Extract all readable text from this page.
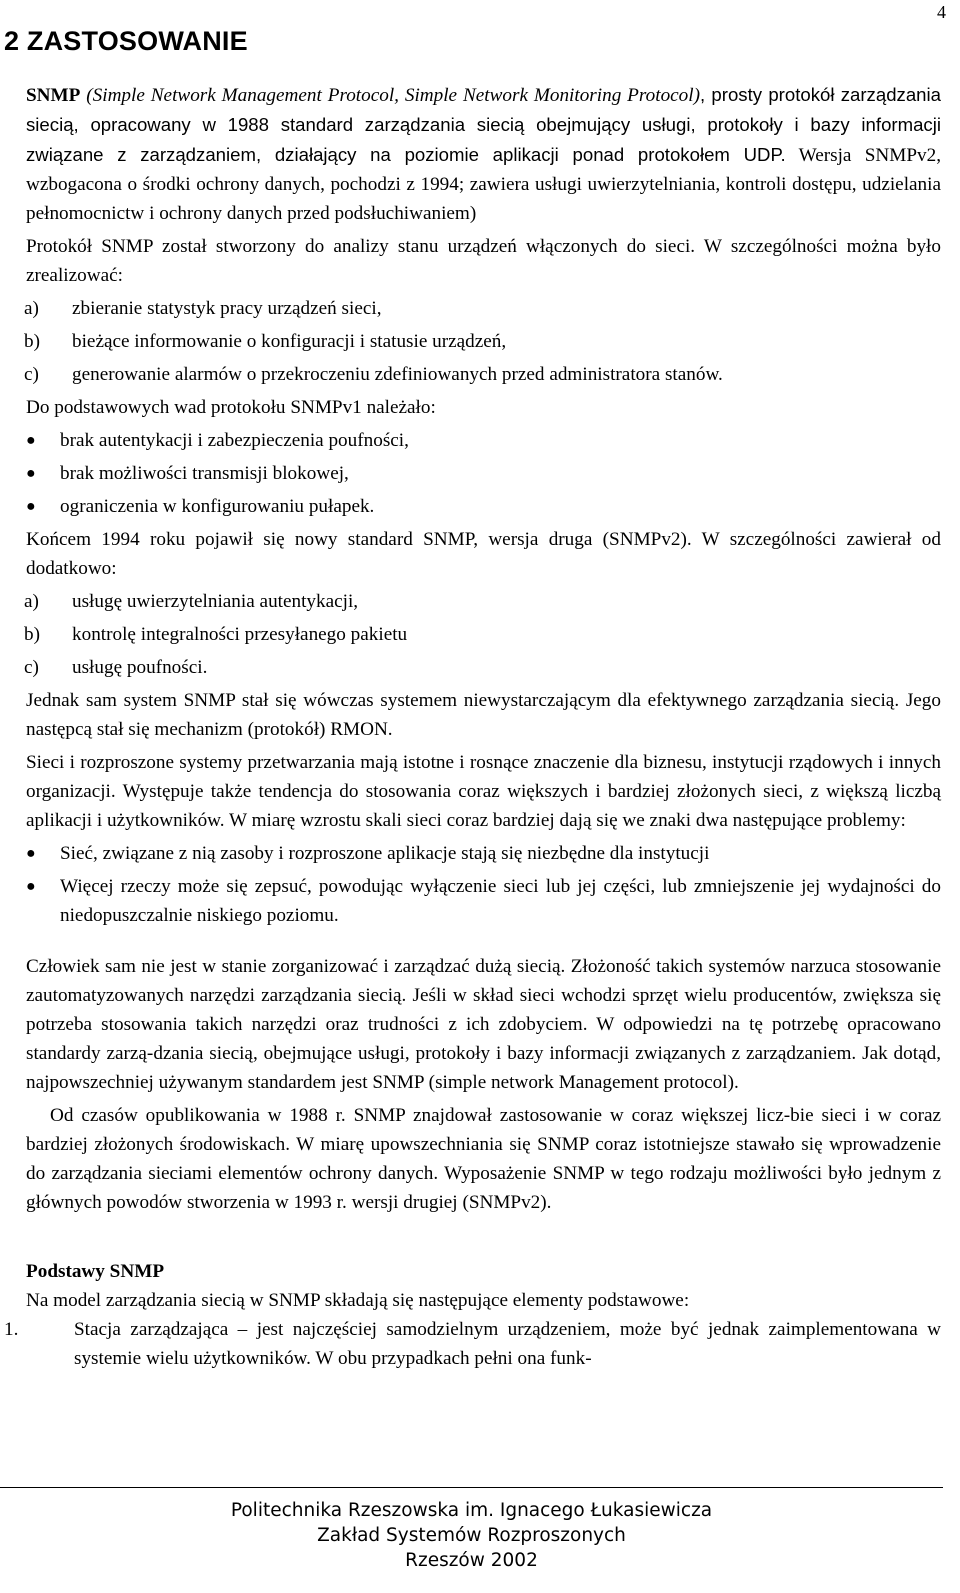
4
2 ZASTOSOWANIE

SNMP (Simple Network Management Protocol, Simple Network Monitoring Protocol), prosty protokół zarządzania siecią, opracowany w 1988 standard zarządzania siecią obejmujący usługi, protokoły i bazy informacji związane z zarządzaniem, działający na poziomie aplikacji ponad protokołem UDP. Wersja SNMPv2, wzbogacona o środki ochrony danych, pochodzi z 1994; zawiera usługi uwierzytelniania, kontroli dostępu, udzielania pełnomocnictw i ochrony danych przed podsłuchiwaniem)

Protokół SNMP został stworzony do analizy stanu urządzeń włączonych do sieci. W szczególności można było zrealizować:

a)	zbieranie statystyk pracy urządzeń sieci,
b)	bieżące informowanie o konfiguracji i statusie urządzeń,
c)	generowanie alarmów o przekroczeniu zdefiniowanych przed administratora stanów.

Do podstawowych wad protokołu SNMPv1 należało:

●	brak autentykacji i zabezpieczenia poufności,
●	brak możliwości transmisji blokowej,
●	ograniczenia w konfigurowaniu pułapek.

Końcem 1994 roku pojawił się nowy standard SNMP, wersja druga (SNMPv2). W szczególności zawierał od dodatkowo:

a)	usługę uwierzytelniania autentykacji,
b)	kontrolę integralności przesyłanego pakietu
c)	usługę poufności.

Jednak sam system SNMP stał się wówczas systemem niewystarczającym dla efektywnego zarządzania siecią. Jego następcą stał się mechanizm (protokół) RMON.

Sieci i rozproszone systemy przetwarzania mają istotne i rosnące znaczenie dla biznesu, instytucji rządowych i innych organizacji. Występuje także tendencja do stosowania coraz większych i bardziej złożonych sieci, z większą liczbą aplikacji i użytkowników. W miarę wzrostu skali sieci coraz bardziej dają się we znaki dwa następujące problemy:

●	Sieć, związane z nią zasoby i rozproszone aplikacje stają się niezbędne dla instytucji
●	Więcej rzeczy może się zepsuć, powodując wyłączenie sieci lub jej części, lub zmniejszenie jej wydajności do niedopuszczalnie niskiego poziomu.

Człowiek sam nie jest w stanie zorganizować i zarządzać dużą siecią. Złożoność takich systemów narzuca stosowanie zautomatyzowanych narzędzi zarządzania siecią. Jeśli w skład sieci wchodzi sprzęt wielu producentów, zwiększa się potrzeba stosowania takich narzędzi oraz trudności z ich zdobyciem. W odpowiedzi na tę potrzebę opracowano standardy zarzą-dzania siecią, obejmujące usługi, protokoły i bazy informacji związanych z zarządzaniem. Jak dotąd, najpowszechniej używanym standardem jest SNMP (simple network Management protocol).

Od czasów opublikowania w 1988 r. SNMP znajdował zastosowanie w coraz większej licz-bie sieci i w coraz bardziej złożonych środowiskach. W miarę upowszechniania się SNMP coraz istotniejsze stawało się wprowadzenie do zarządzania sieciami elementów ochrony danych. Wyposażenie SNMP w tego rodzaju możliwości było jednym z głównych powodów stworzenia w 1993 r. wersji drugiej (SNMPv2).

Podstawy SNMP

Na model zarządzania siecią w SNMP składają się następujące elementy podstawowe:

1.	Stacja zarządzająca – jest najczęściej samodzielnym urządzeniem, może być jednak zaimplementowana w systemie wielu użytkowników. W obu przypadkach pełni ona funk-
Politechnika Rzeszowska im. Ignacego Łukasiewicza
Zakład Systemów Rozproszonych
Rzeszów 2002
